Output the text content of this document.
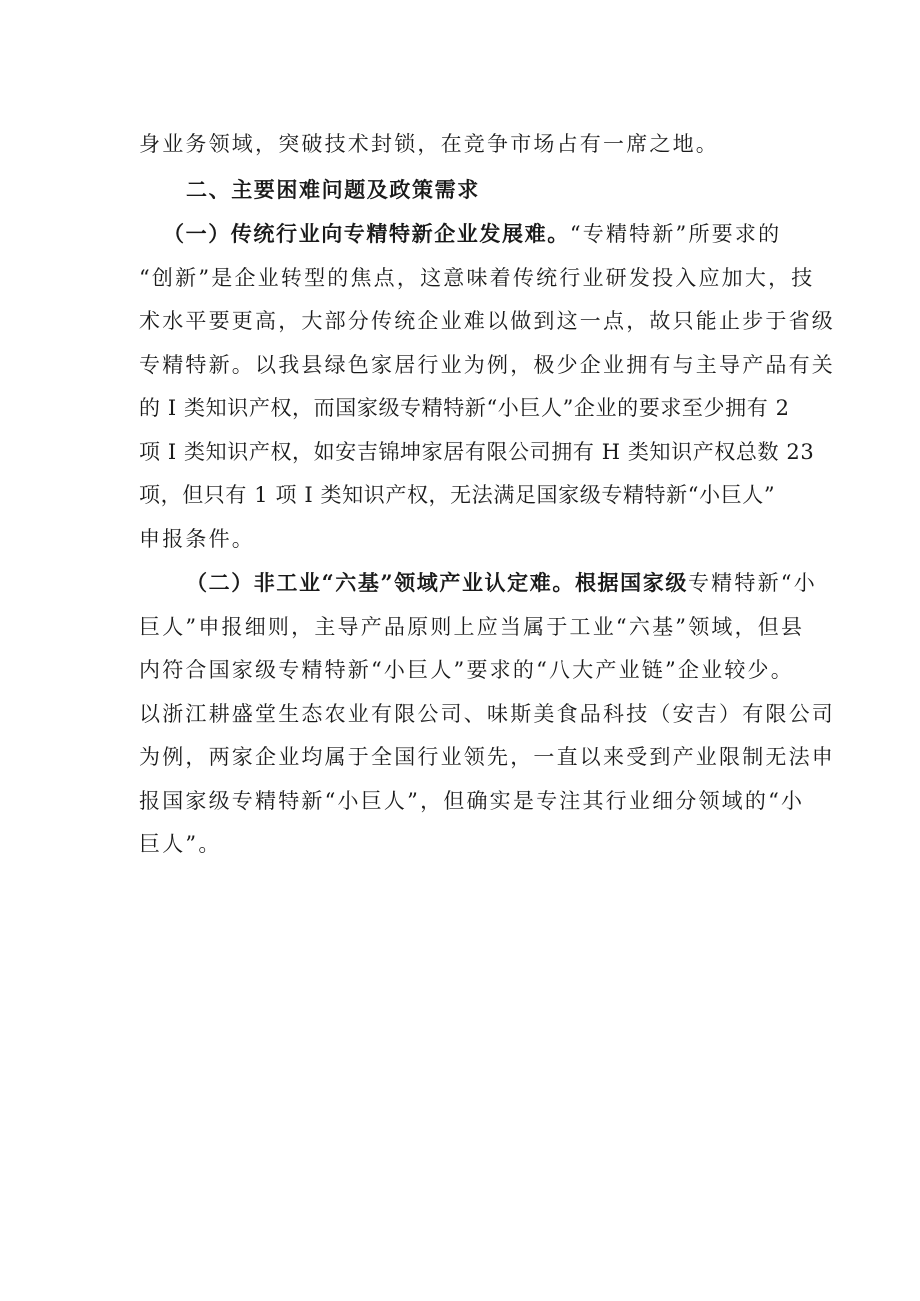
身业务领域，突破技术封锁，在竞争市场占有一席之地。
二、主要困难问题及政策需求
（一）传统行业向专精特新企业发展难。“专精特新”所要求的
“创新”是企业转型的焦点，这意味着传统行业研发投入应加大，技
术水平要更高，大部分传统企业难以做到这一点，故只能止步于省级
专精特新。以我县绿色家居行业为例，极少企业拥有与主导产品有关
的 I 类知识产权，而国家级专精特新“小巨人”企业的要求至少拥有 2
项 I 类知识产权，如安吉锦坤家居有限公司拥有 H 类知识产权总数 23
项，但只有 1 项 I 类知识产权，无法满足国家级专精特新“小巨人”
申报条件。
（二）非工业“六基”领域产业认定难。根据国家级专精特新“小
巨人”申报细则，主导产品原则上应当属于工业“六基”领域，但县
内符合国家级专精特新“小巨人”要求的“八大产业链”企业较少。
以浙江耕盛堂生态农业有限公司、味斯美食品科技（安吉）有限公司
为例，两家企业均属于全国行业领先，一直以来受到产业限制无法申
报国家级专精特新“小巨人”，但确实是专注其行业细分领域的“小
巨人”。
